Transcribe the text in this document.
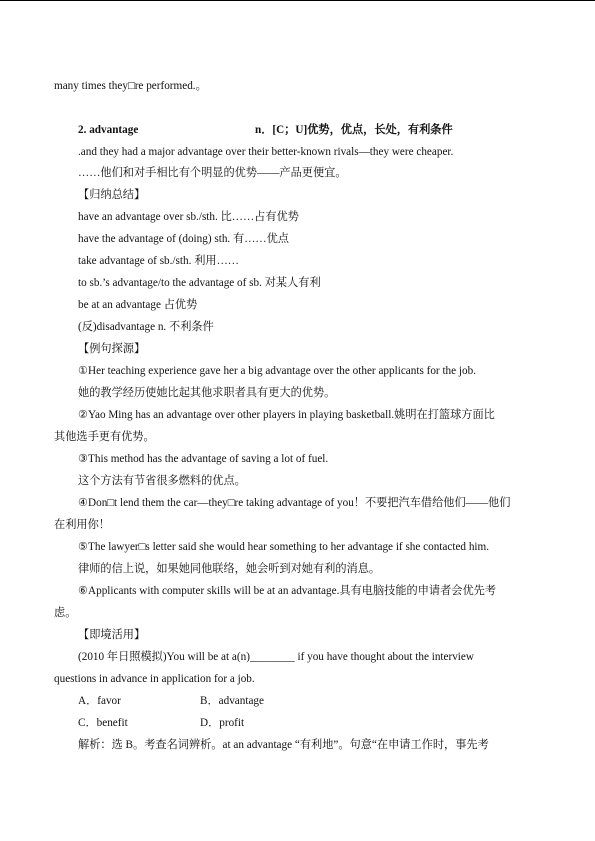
many times they□re performed.。
2. advantage	n．[C；U]优势，优点，长处，有利条件
.and they had a major advantage over their better-known rivals—they were cheaper.
……他们和对手相比有个明显的优势——产品更便宜。
【归纳总结】
have an advantage over sb./sth. 比……占有优势
have the advantage of (doing) sth. 有……优点
take advantage of sb./sth. 利用……
to sb.’s advantage/to the advantage of sb. 对某人有利
be at an advantage 占优势
(反)disadvantage n. 不利条件
【例句探源】
①Her teaching experience gave her a big advantage over the other applicants for the job.
她的教学经历使她比起其他求职者具有更大的优势。
②Yao Ming has an advantage over other players in playing basketball.姚明在打篮球方面比
其他选手更有优势。
③This method has the advantage of saving a lot of fuel.
这个方法有节省很多燃料的优点。
④Don□t lend them the car—they□re taking advantage of you！不要把汽车借给他们——他们
在利用你！
⑤The lawyer□s letter said she would hear something to her advantage if she contacted him.
律师的信上说，如果她同他联络，她会听到对她有利的消息。
⑥Applicants with computer skills will be at an advantage.具有电脑技能的申请者会优先考
虑。
【即境活用】
(2010 年日照模拟)You will be at a(n)________ if you have thought about the interview
questions in advance in application for a job.
A．favor	B．advantage
C．benefit	D．profit
解析：选 B。考查名词辨析。at an advantage “有利地”。句意“在申请工作时，事先考
